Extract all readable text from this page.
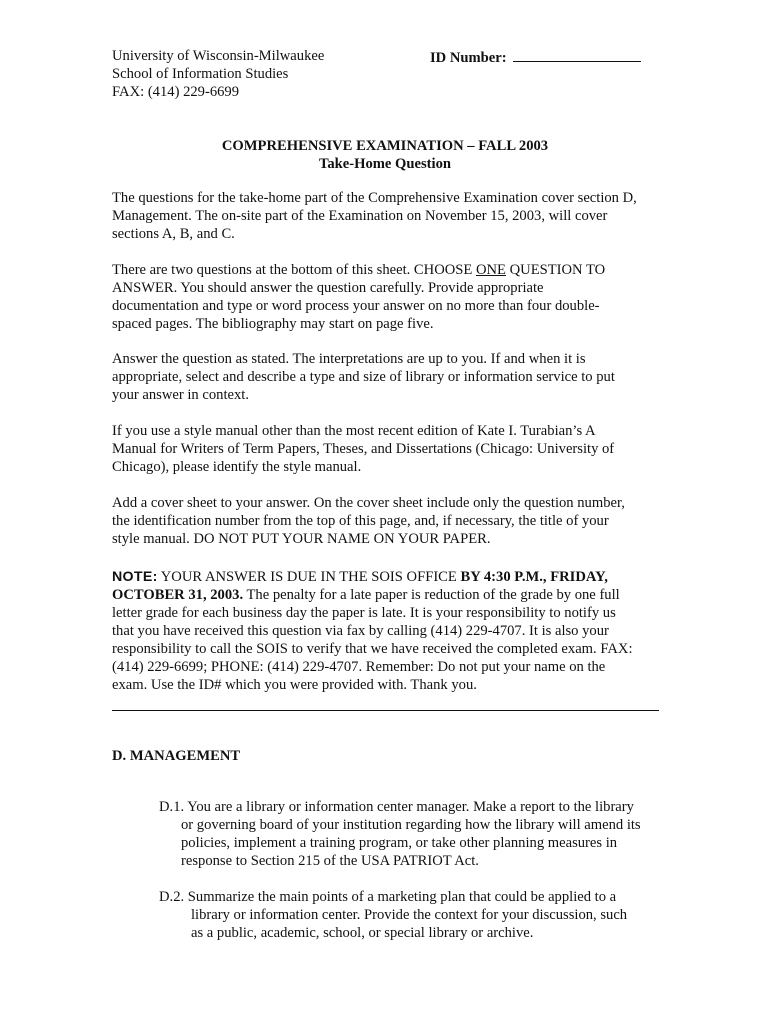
University of Wisconsin-Milwaukee
School of Information Studies
FAX: (414) 229-6699
ID Number:
COMPREHENSIVE EXAMINATION – FALL 2003
Take-Home Question
The questions for the take-home part of the Comprehensive Examination cover section D,
Management. The on-site part of the Examination on November 15, 2003, will cover
sections A, B, and C.
There are two questions at the bottom of this sheet. CHOOSE ONE QUESTION TO
ANSWER. You should answer the question carefully. Provide appropriate
documentation and type or word process your answer on no more than four double-
spaced pages. The bibliography may start on page five.
Answer the question as stated. The interpretations are up to you. If and when it is
appropriate, select and describe a type and size of library or information service to put
your answer in context.
If you use a style manual other than the most recent edition of Kate I. Turabian’s A
Manual for Writers of Term Papers, Theses, and Dissertations (Chicago: University of
Chicago), please identify the style manual.
Add a cover sheet to your answer. On the cover sheet include only the question number,
the identification number from the top of this page, and, if necessary, the title of your
style manual. DO NOT PUT YOUR NAME ON YOUR PAPER.
NOTE: YOUR ANSWER IS DUE IN THE SOIS OFFICE BY 4:30 P.M., FRIDAY,
OCTOBER 31, 2003. The penalty for a late paper is reduction of the grade by one full
letter grade for each business day the paper is late. It is your responsibility to notify us
that you have received this question via fax by calling (414) 229-4707. It is also your
responsibility to call the SOIS to verify that we have received the completed exam. FAX:
(414) 229-6699; PHONE: (414) 229-4707. Remember: Do not put your name on the
exam. Use the ID# which you were provided with. Thank you.
D. MANAGEMENT
D.1. You are a library or information center manager. Make a report to the library
or governing board of your institution regarding how the library will amend its
policies, implement a training program, or take other planning measures in
response to Section 215 of the USA PATRIOT Act.
D.2. Summarize the main points of a marketing plan that could be applied to a
library or information center. Provide the context for your discussion, such
as a public, academic, school, or special library or archive.
